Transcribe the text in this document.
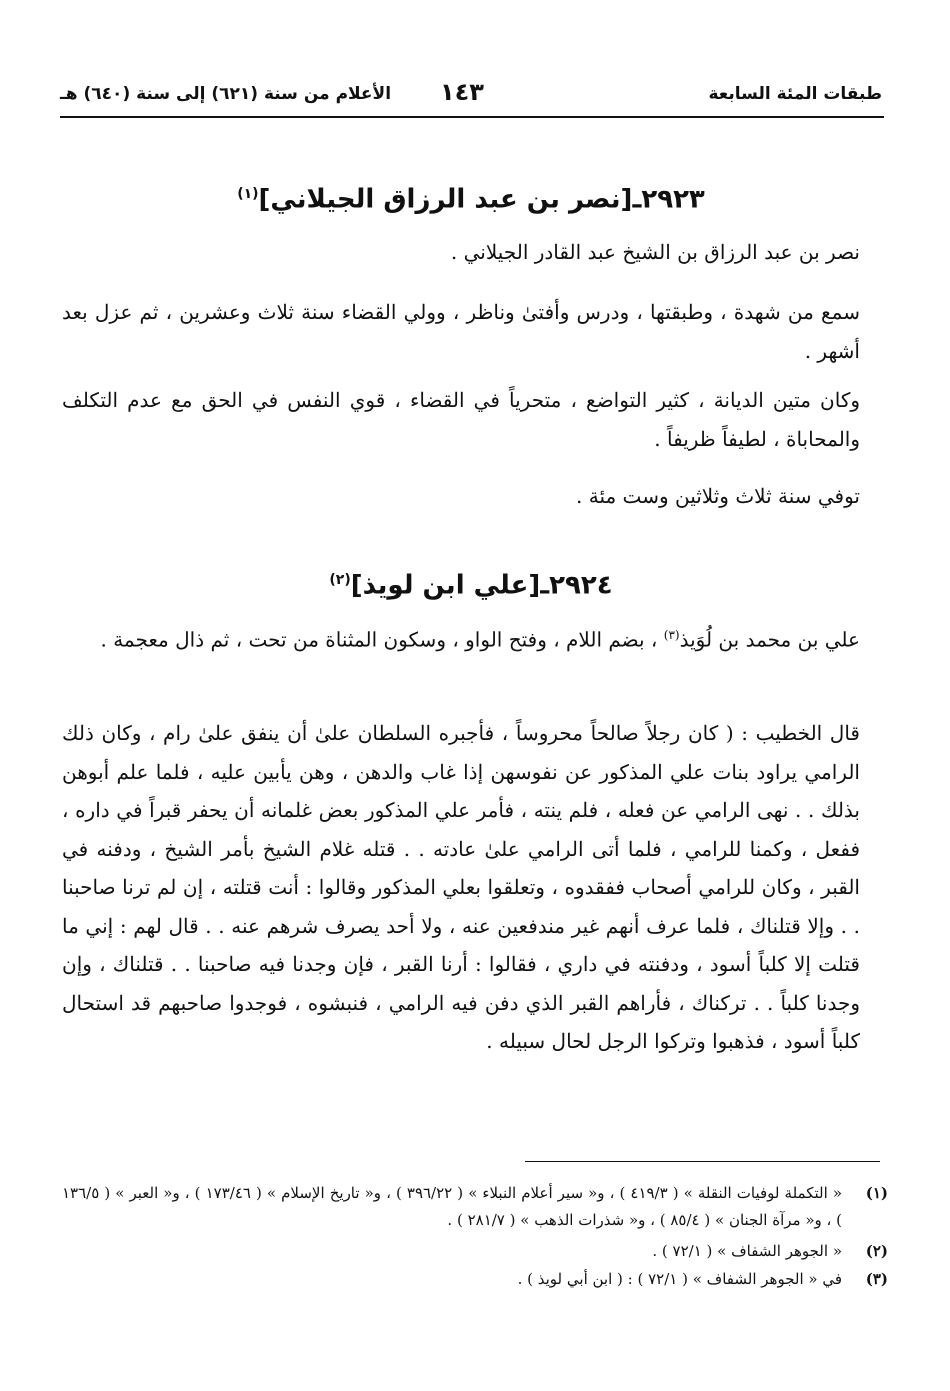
طبقات المئة السابعة
١٤٣
الأعلام من سنة (٦٢١) إلى سنة (٦٤٠) هـ
٢٩٢٣ـ[نصر بن عبد الرزاق الجيلاني]$^{(١)}$

نصر بن عبد الرزاق بن الشيخ عبد القادر الجيلاني .

سمع من شهدة ، وطبقتها ، ودرس وأفتىٰ وناظر ، وولي القضاء سنة ثلاث وعشرين ، ثم عزل بعد أشهر .

وكان متين الديانة ، كثير التواضع ، متحرياً في القضاء ، قوي النفس في الحق مع عدم التكلف والمحاباة ، لطيفاً ظريفاً .

توفي سنة ثلاث وثلاثين وست مئة .

٢٩٢٤ـ[علي ابن لويذ]$^{(٢)}$

علي بن محمد بن لُوَيذ$^{(٣)}$ ، بضم اللام ، وفتح الواو ، وسكون المثناة من تحت ، ثم ذال معجمة .

قال الخطيب : ( كان رجلاً صالحاً محروساً ، فأجبره السلطان علىٰ أن ينفق علىٰ رام ، وكان ذلك الرامي يراود بنات علي المذكور عن نفوسهن إذا غاب والدهن ، وهن يأبين عليه ، فلما علم أبوهن بذلك . . نهى الرامي عن فعله ، فلم ينته ، فأمر علي المذكور بعض غلمانه أن يحفر قبراً في داره ، ففعل ، وكمنا للرامي ، فلما أتى الرامي علىٰ عادته . . قتله غلام الشيخ بأمر الشيخ ، ودفنه في القبر ، وكان للرامي أصحاب ففقدوه ، وتعلقوا بعلي المذكور وقالوا : أنت قتلته ، إن لم ترنا صاحبنا . . وإلا قتلناك ، فلما عرف أنهم غير مندفعين عنه ، ولا أحد يصرف شرهم عنه . . قال لهم : إني ما قتلت إلا كلباً أسود ، ودفنته في داري ، فقالوا : أرنا القبر ، فإن وجدنا فيه صاحبنا . . قتلناك ، وإن وجدنا كلباً . . تركناك ، فأراهم القبر الذي دفن فيه الرامي ، فنبشوه ، فوجدوا صاحبهم قد استحال كلباً أسود ، فذهبوا وتركوا الرجل لحال سبيله .

(١)
« التكملة لوفيات النقلة » ( ٤١٩/٣ ) ، و« سير أعلام النبلاء » ( ٣٩٦/٢٢ ) ، و« تاريخ الإسلام » ( ١٧٣/٤٦ ) ، و« العبر » ( ١٣٦/٥ ) ، و« مرآة الجنان » ( ٨٥/٤ ) ، و« شذرات الذهب » ( ٢٨١/٧ ) .
(٢)
« الجوهر الشفاف » ( ٧٢/١ ) .
(٣)
في « الجوهر الشفاف » ( ٧٢/١ ) : ( ابن أبي لويذ ) .
